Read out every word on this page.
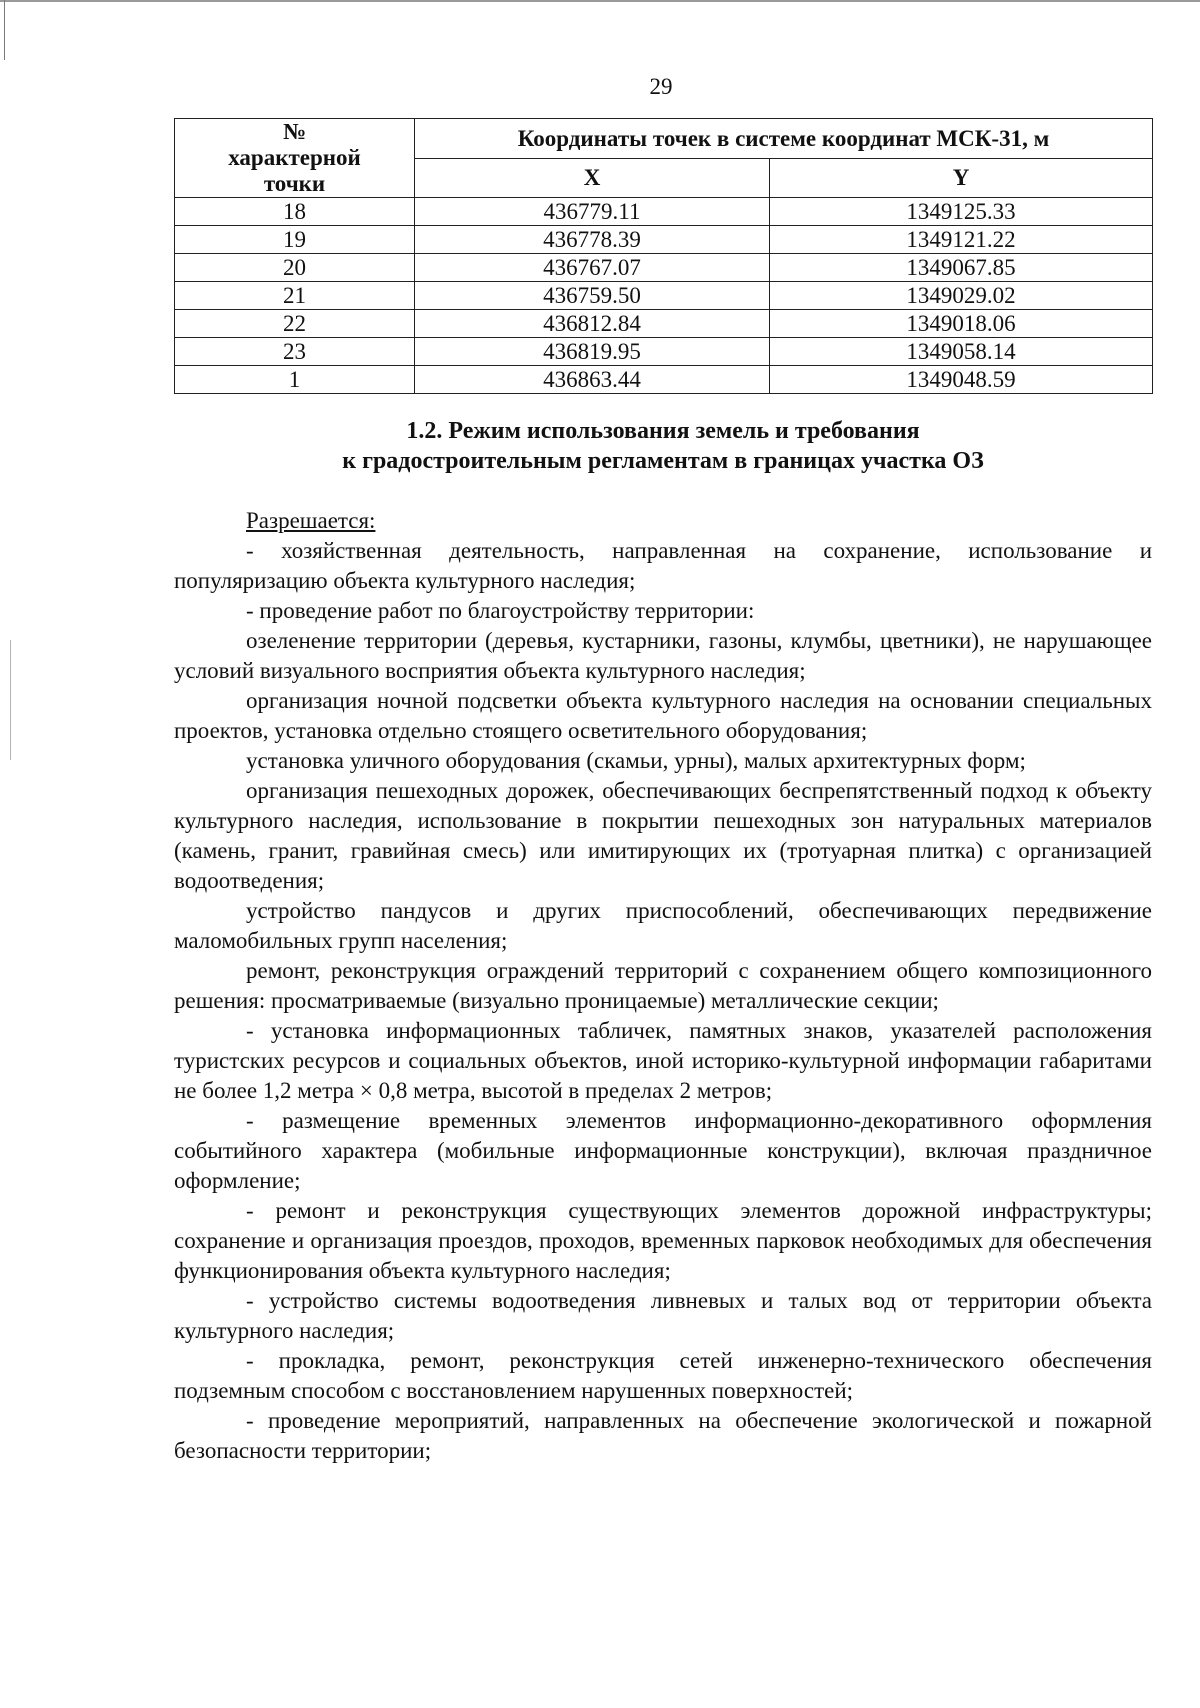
29
№ характерной точки	Координаты точек в системе координат МСК-31, м	
	X	Y
18	436779.11	1349125.33
19	436778.39	1349121.22
20	436767.07	1349067.85
21	436759.50	1349029.02
22	436812.84	1349018.06
23	436819.95	1349058.14
1	436863.44	1349048.59
1.2. Режим использования земель и требования
к градостроительным регламентам в границах участка ОЗ

Разрешается:

- хозяйственная деятельность, направленная на сохранение, использование и популяризацию объекта культурного наследия;

- проведение работ по благоустройству территории:

озеленение территории (деревья, кустарники, газоны, клумбы, цветники), не нарушающее условий визуального восприятия объекта культурного наследия;

организация ночной подсветки объекта культурного наследия на основании специальных проектов, установка отдельно стоящего осветительного оборудования;

установка уличного оборудования (скамьи, урны), малых архитектурных форм;

организация пешеходных дорожек, обеспечивающих беспрепятственный подход к объекту культурного наследия, использование в покрытии пешеходных зон натуральных материалов (камень, гранит, гравийная смесь) или имитирующих их (тротуарная плитка) с организацией водоотведения;

устройство пандусов и других приспособлений, обеспечивающих передвижение маломобильных групп населения;

ремонт, реконструкция ограждений территорий с сохранением общего композиционного решения: просматриваемые (визуально проницаемые) металлические секции;

- установка информационных табличек, памятных знаков, указателей расположения туристских ресурсов и социальных объектов, иной историко-культурной информации габаритами не более 1,2 метра × 0,8 метра, высотой в пределах 2 метров;

- размещение временных элементов информационно-декоративного оформления событийного характера (мобильные информационные конструкции), включая праздничное оформление;

- ремонт и реконструкция существующих элементов дорожной инфраструктуры; сохранение и организация проездов, проходов, временных парковок необходимых для обеспечения функционирования объекта культурного наследия;

- устройство системы водоотведения ливневых и талых вод от территории объекта культурного наследия;

- прокладка, ремонт, реконструкция сетей инженерно-технического обеспечения подземным способом с восстановлением нарушенных поверхностей;

- проведение мероприятий, направленных на обеспечение экологической и пожарной безопасности территории;
